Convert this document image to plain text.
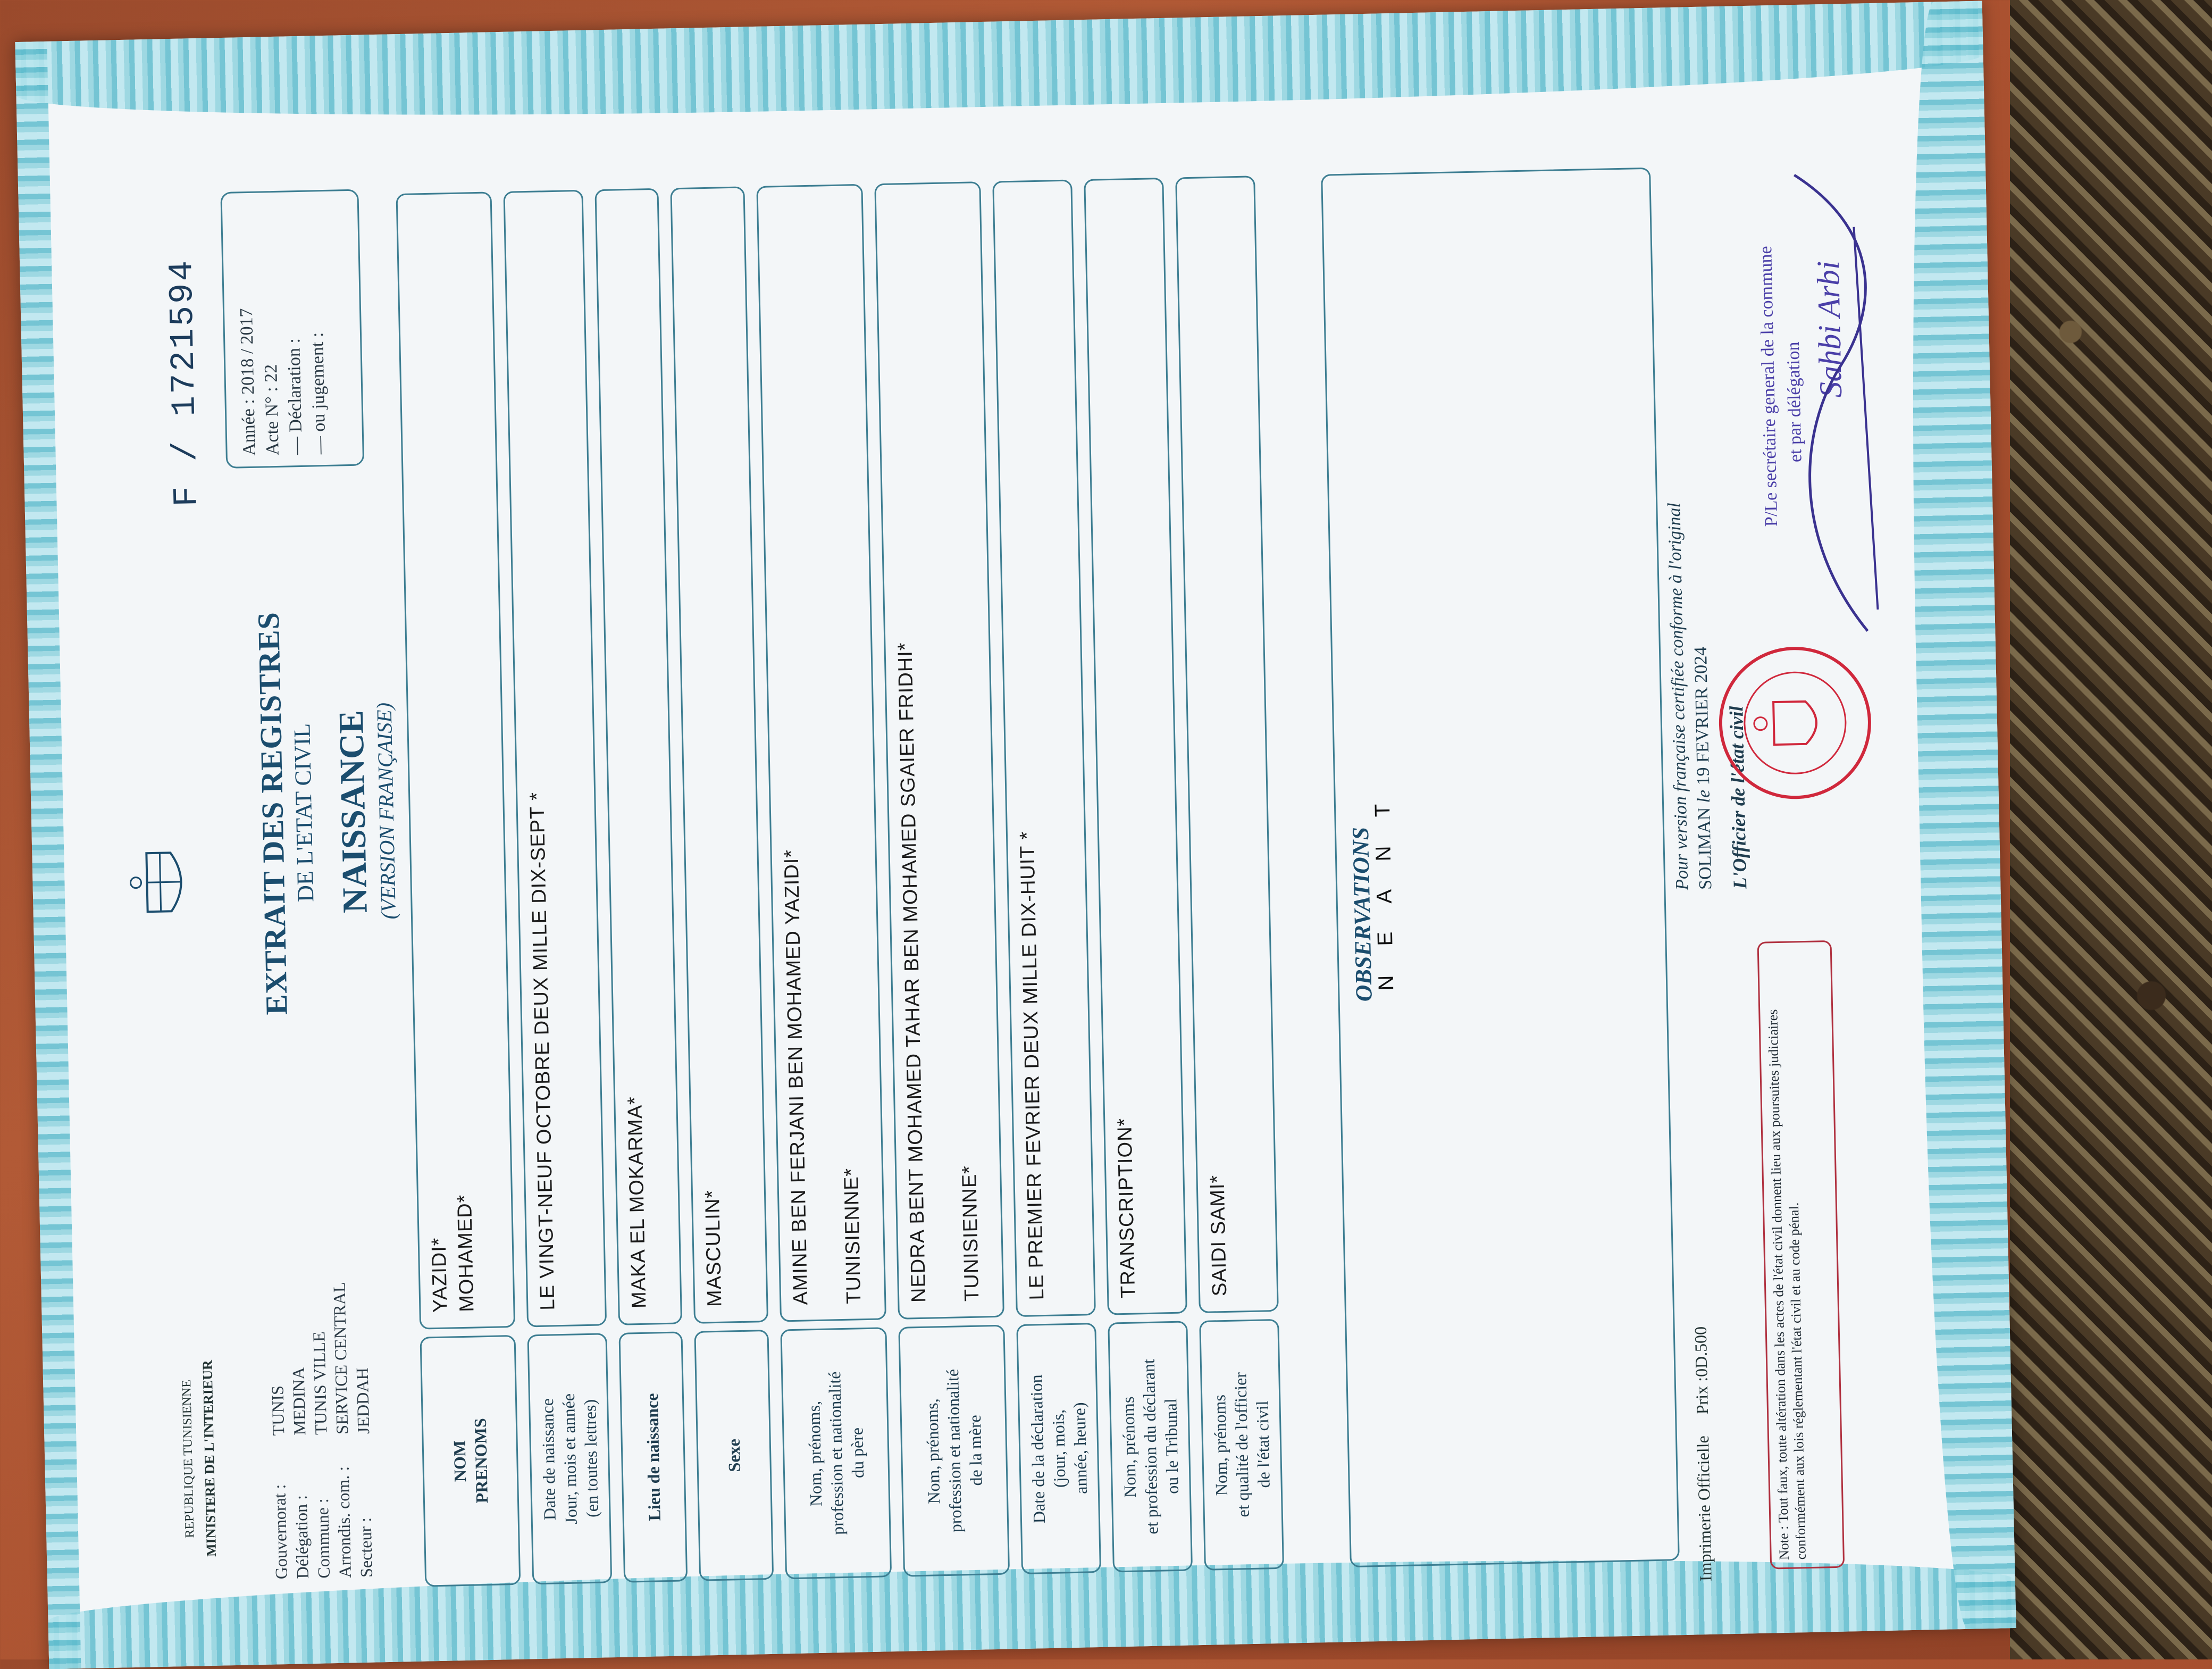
REPUBLIQUE TUNISIENNE MINISTERE DE L'INTERIEUR	Gouvernorat :
TUNIS
Délégation :
MEDINA
Commune :
TUNIS VILLE
Arrondis. com. :
SERVICE CENTRAL
Secteur :
JEDDAH
EXTRAIT DES REGISTRES
DE L'ETAT CIVIL NAISSANCE
(VERSION FRANÇAISE)
F / 1721594	Année : 2018 / 2017
Acte N° : 22 — Déclaration : — ou jugement :
NOM
PRENOMS
YAZIDI*
MOHAMED*
Date de naissance
Jour, mois et année
(en toutes lettres)
LE VINGT-NEUF OCTOBRE DEUX MILLE DIX-SEPT *
Lieu de naissance
MAKA EL MOKARMA*
Sexe
MASCULIN*
Nom, prénoms,
profession et nationalité
du père
AMINE BEN FERJANI BEN MOHAMED YAZIDI*

TUNISIENNE*
Nom, prénoms,
profession et nationalité
de la mère
NEDRA BENT MOHAMED TAHAR BEN MOHAMED SGAIER FRIDHI*

TUNISIENNE*
Date de la déclaration
(jour, mois,
année, heure)
LE PREMIER FEVRIER DEUX MILLE DIX-HUIT *
Nom, prénoms
et profession du déclarant
ou le Tribunal
TRANSCRIPTION*
Nom, prénoms
et qualité de l'officier
de l'état civil
SAIDI SAMI*
OBSERVATIONS
N E A N T
Imprimerie Officielle     Prix :0D.500	Note : Tout faux, toute altération dans les actes de l'état civil donnent lieu aux poursuites judiciaires conformément aux lois réglementant l'état civil et au code pénal.
Pour version française certifiée conforme à l'original SOLIMAN le 19 FEVRIER 2024 L'Officier de l'état civil
P/Le secrétaire general de la commune et par délégation
Sahbi Arbi
